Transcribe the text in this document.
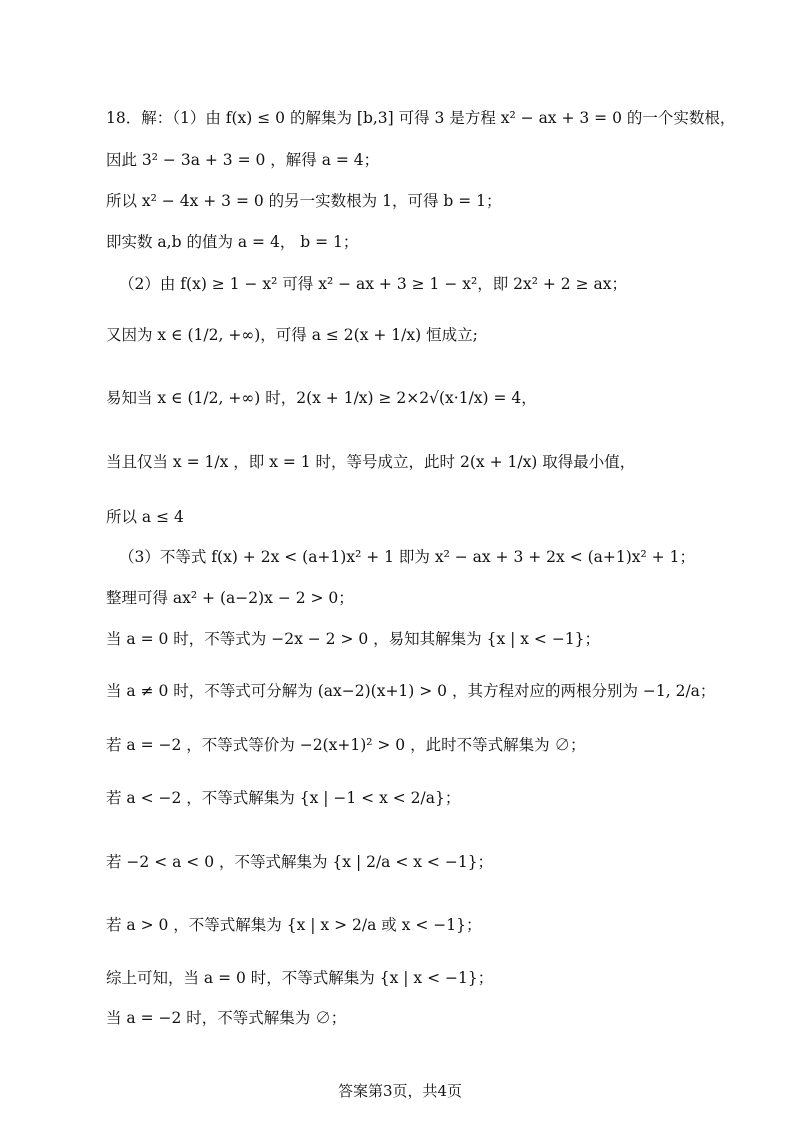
18．解：（1）由 f(x) ≤ 0 的解集为 [b,3] 可得 3 是方程 x² − ax + 3 = 0 的一个实数根，
因此 3² − 3a + 3 = 0 ，解得 a = 4；
所以 x² − 4x + 3 = 0 的另一实数根为 1，可得 b = 1；
即实数 a,b 的值为 a = 4， b = 1；
（2）由 f(x) ≥ 1 − x² 可得 x² − ax + 3 ≥ 1 − x²，即 2x² + 2 ≥ ax；
又因为 x ∈ (1/2, +∞)，可得 a ≤ 2(x + 1/x) 恒成立;
易知当 x ∈ (1/2, +∞) 时，2(x + 1/x) ≥ 2×2√(x·1/x) = 4，
当且仅当 x = 1/x ，即 x = 1 时，等号成立，此时 2(x + 1/x) 取得最小值，
所以 a ≤ 4
（3）不等式 f(x) + 2x < (a+1)x² + 1 即为 x² − ax + 3 + 2x < (a+1)x² + 1；
整理可得 ax² + (a−2)x − 2 > 0；
当 a = 0 时，不等式为 −2x − 2 > 0 ，易知其解集为 {x | x < −1}；
当 a ≠ 0 时，不等式可分解为 (ax−2)(x+1) > 0 ，其方程对应的两根分别为 −1, 2/a；
若 a = −2 ，不等式等价为 −2(x+1)² > 0 ，此时不等式解集为 ∅；
若 a < −2 ，不等式解集为 {x | −1 < x < 2/a}；
若 −2 < a < 0 ，不等式解集为 {x | 2/a < x < −1}；
若 a > 0 ，不等式解集为 {x | x > 2/a 或 x < −1}；
综上可知，当 a = 0 时，不等式解集为 {x | x < −1}；
当 a = −2 时，不等式解集为 ∅；
答案第3页，共4页
